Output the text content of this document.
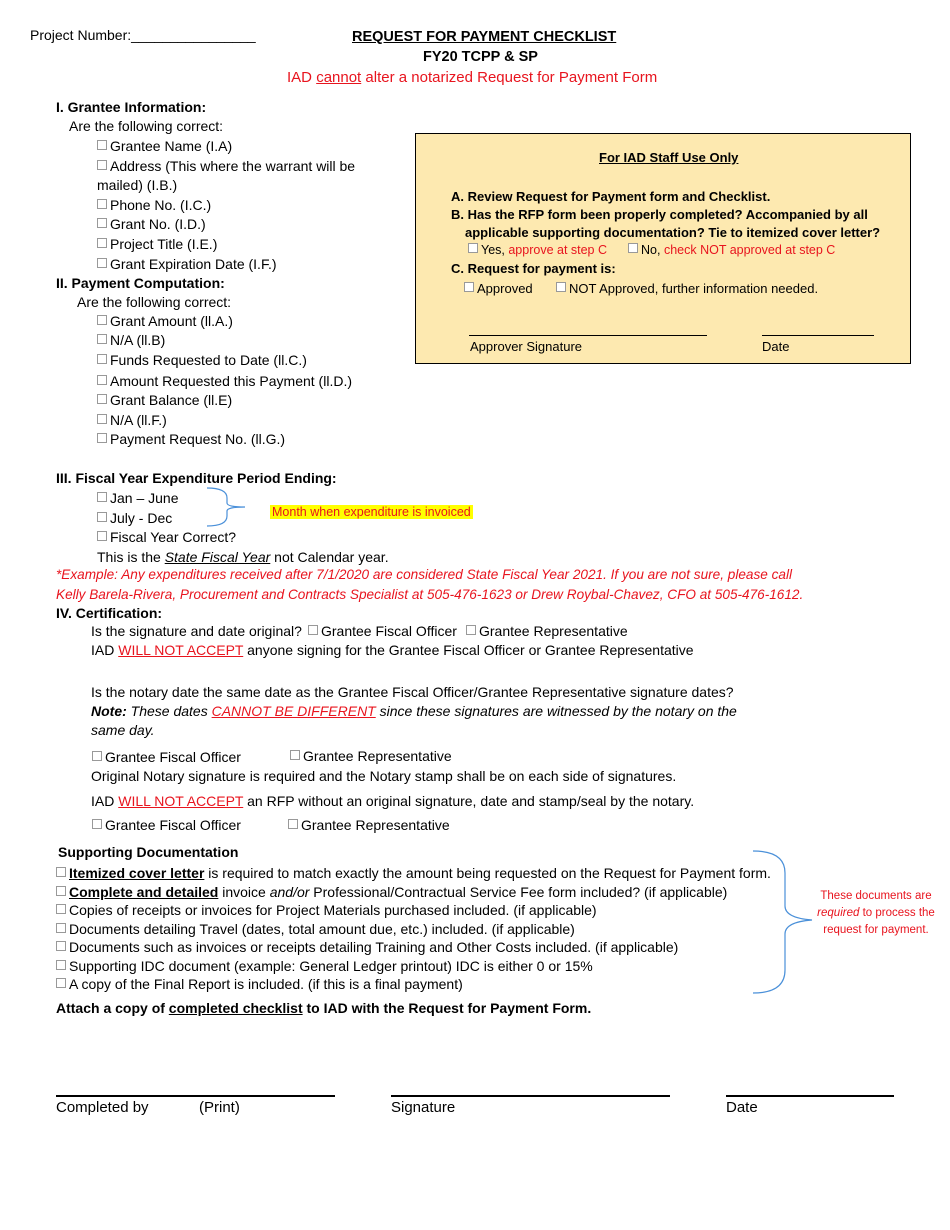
Project Number:________________	REQUEST FOR PAYMENT CHECKLIST
FY20 TCPP & SP
IAD cannot alter a notarized Request for Payment Form
I. Grantee Information:
Are the following correct:
Grantee Name (I.A)
Address (This where the warrant will be
mailed) (I.B.)
Phone No. (I.C.)
Grant No. (I.D.)
Project Title (I.E.)
Grant Expiration Date (I.F.)
II. Payment Computation:
Are the following correct:
Grant Amount (ll.A.)
N/A (ll.B)
Funds Requested to Date (ll.C.)
Amount Requested this Payment (ll.D.)
Grant Balance (ll.E)
N/A (ll.F.)
Payment Request No. (ll.G.)
For IAD Staff Use Only
A. Review Request for Payment form and Checklist.
B. Has the RFP form been properly completed? Accompanied by all
applicable supporting documentation? Tie to itemized cover letter?
Yes, approve at step C	No, check NOT approved at step C
C. Request for payment is:
Approved	NOT Approved, further information needed.
Approver Signature	Date
III. Fiscal Year Expenditure Period Ending:
Jan – June
July - Dec	Month when expenditure is invoiced
Fiscal Year Correct?
This is the State Fiscal Year not Calendar year.
*Example: Any expenditures received after 7/1/2020 are considered State Fiscal Year 2021. If you are not sure, please call
Kelly Barela-Rivera, Procurement and Contracts Specialist at 505-476-1623 or Drew Roybal-Chavez, CFO at 505-476-1612.
IV. Certification:
Is the signature and date original?	Grantee Fiscal Officer	Grantee Representative
IAD WILL NOT ACCEPT anyone signing for the Grantee Fiscal Officer or Grantee Representative
Is the notary date the same date as the Grantee Fiscal Officer/Grantee Representative signature dates?
Note: These dates CANNOT BE DIFFERENT since these signatures are witnessed by the notary on the
same day.
Grantee Fiscal Officer	Grantee Representative
Original Notary signature is required and the Notary stamp shall be on each side of signatures.
IAD WILL NOT ACCEPT an RFP without an original signature, date and stamp/seal by the notary.
Grantee Fiscal Officer	Grantee Representative
Supporting Documentation
Itemized cover letter is required to match exactly the amount being requested on the Request for Payment form.
Complete and detailed invoice and/or Professional/Contractual Service Fee form included? (if applicable)
Copies of receipts or invoices for Project Materials purchased included. (if applicable)
Documents detailing Travel (dates, total amount due, etc.) included. (if applicable)
Documents such as invoices or receipts detailing Training and Other Costs included. (if applicable)
Supporting IDC document (example: General Ledger printout) IDC is either 0 or 15%
A copy of the Final Report is included. (if this is a final payment)
These documents are required to process the request for payment.
Attach a copy of completed checklist to IAD with the Request for Payment Form.
Completed by	(Print)	Signature	Date
